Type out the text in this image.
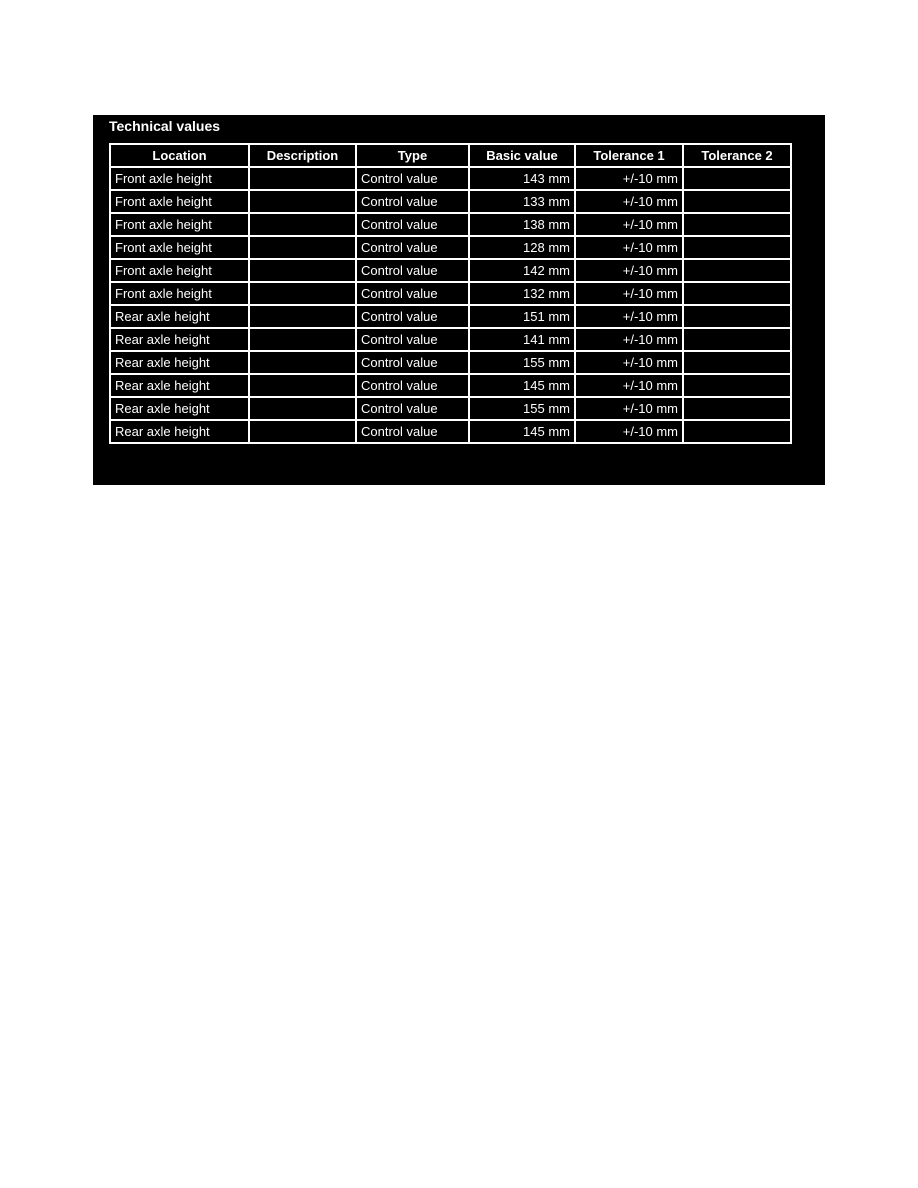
Technical values
Location	Description	Type	Basic value	Tolerance 1	Tolerance 2
Front axle height		Control value	143 mm	+/-10 mm	
Front axle height		Control value	133 mm	+/-10 mm	
Front axle height		Control value	138 mm	+/-10 mm	
Front axle height		Control value	128 mm	+/-10 mm	
Front axle height		Control value	142 mm	+/-10 mm	
Front axle height		Control value	132 mm	+/-10 mm	
Rear axle height		Control value	151 mm	+/-10 mm	
Rear axle height		Control value	141 mm	+/-10 mm	
Rear axle height		Control value	155 mm	+/-10 mm	
Rear axle height		Control value	145 mm	+/-10 mm	
Rear axle height		Control value	155 mm	+/-10 mm	
Rear axle height		Control value	145 mm	+/-10 mm	
